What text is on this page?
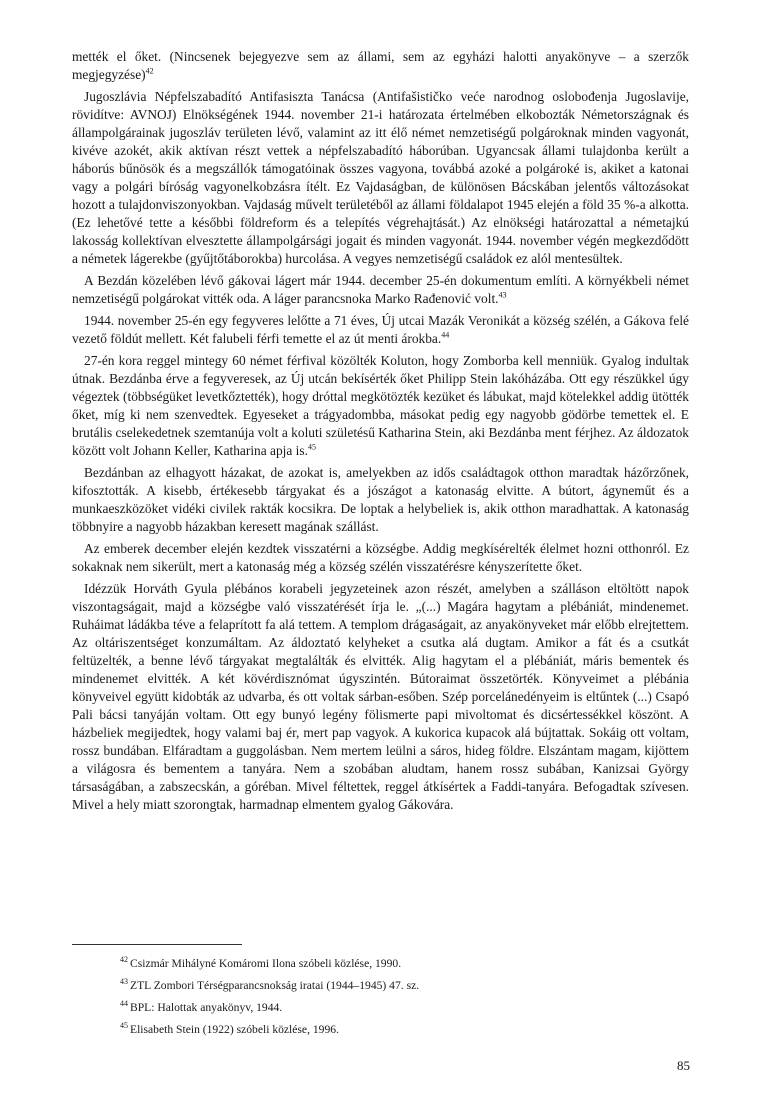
mették el őket. (Nincsenek bejegyezve sem az állami, sem az egyházi halotti anyakönyve – a szerzők megjegyzése)$^{42}$

Jugoszlávia Népfelszabadító Antifasiszta Tanácsa (Antifašističko veće narodnog oslobođenja Jugoslavije, rövidítve: AVNOJ) Elnökségének 1944. november 21-i határozata értelmében elkobozták Németországnak és állampolgárainak jugoszláv területen lévő, valamint az itt élő német nemzetiségű polgároknak minden vagyonát, kivéve azokét, akik aktívan részt vettek a népfelszabadító háborúban. Ugyancsak állami tulajdonba került a háborús bűnösök és a megszállók támogatóinak összes vagyona, továbbá azoké a polgároké is, akiket a katonai vagy a polgári bíróság vagyonelkobzásra ítélt. Ez Vajdaságban, de különösen Bácskában jelentős változásokat hozott a tulajdonviszonyokban. Vajdaság művelt területéből az állami földalapot 1945 elején a föld 35 %-a alkotta. (Ez lehetővé tette a későbbi földreform és a telepítés végrehajtását.) Az elnökségi határozattal a németajkú lakosság kollektívan elvesztette állampolgársági jogait és minden vagyonát. 1944. november végén megkezdődött a németek lágerekbe (gyűjtőtáborokba) hurcolása. A vegyes nemzetiségű családok ez alól mentesültek.

A Bezdán közelében lévő gákovai lágert már 1944. december 25-én dokumentum említi. A környékbeli német nemzetiségű polgárokat vitték oda. A láger parancsnoka Marko Rađenović volt.$^{43}$

1944. november 25-én egy fegyveres lelőtte a 71 éves, Új utcai Mazák Veronikát a község szélén, a Gákova felé vezető földút mellett. Két falubeli férfi temette el az út menti árokba.$^{44}$

27-én kora reggel mintegy 60 német férfival közölték Koluton, hogy Zomborba kell menniük. Gyalog indultak útnak. Bezdánba érve a fegyveresek, az Új utcán bekísérték őket Philipp Stein lakóházába. Ott egy részükkel úgy végeztek (többségüket levetkőztették), hogy dróttal megkötözték kezüket és lábukat, majd kötelekkel addig ütötték őket, míg ki nem szenvedtek. Egyeseket a trágyadombba, másokat pedig egy nagyobb gödörbe temettek el. E brutális cselekedetnek szemtanúja volt a koluti születésű Katharina Stein, aki Bezdánba ment férjhez. Az áldozatok között volt Johann Keller, Katharina apja is.$^{45}$

Bezdánban az elhagyott házakat, de azokat is, amelyekben az idős családtagok otthon maradtak házőrzőnek, kifosztották. A kisebb, értékesebb tárgyakat és a jószágot a katonaság elvitte. A bútort, ágyneműt és a munkaeszközöket vidéki civilek rakták kocsikra. De loptak a helybeliek is, akik otthon maradhattak. A katonaság többnyire a nagyobb házakban keresett magának szállást.

Az emberek december elején kezdtek visszatérni a községbe. Addig megkísérelték élelmet hozni otthonról. Ez sokaknak nem sikerült, mert a katonaság még a község szélén visszatérésre kényszerítette őket.

Idézzük Horváth Gyula plébános korabeli jegyzeteinek azon részét, amelyben a szálláson eltöltött napok viszontagságait, majd a községbe való visszatérését írja le. „(...) Magára hagytam a plébániát, mindenemet. Ruháimat ládákba téve a felaprított fa alá tettem. A templom drágaságait, az anyakönyveket már előbb elrejtettem. Az oltáriszentséget konzumáltam. Az áldoztató kelyheket a csutka alá dugtam. Amikor a fát és a csutkát feltüzelték, a benne lévő tárgyakat megtalálták és elvitték. Alig hagytam el a plébániát, máris bementek és mindenemet elvitték. A két kövérdisznómat úgyszintén. Bútoraimat összetörték. Könyveimet a plébánia könyveivel együtt kidobták az udvarba, és ott voltak sárban-esőben. Szép porcelánedényeim is eltűntek (...) Csapó Pali bácsi tanyáján voltam. Ott egy bunyó legény fölismerte papi mivoltomat és dicsértessékkel köszönt. A házbeliek megijedtek, hogy valami baj ér, mert pap vagyok. A kukorica kupacok alá bújtattak. Sokáig ott voltam, rossz bundában. Elfáradtam a guggolásban. Nem mertem leülni a sáros, hideg földre. Elszántam magam, kijöttem a világosra és bementem a tanyára. Nem a szobában aludtam, hanem rossz subában, Kanizsai György társaságában, a zabszecskán, a góréban. Mivel féltettek, reggel átkísértek a Faddi-tanyára. Befogadtak szívesen. Mivel a hely miatt szorongtak, harmadnap elmentem gyalog Gákovára.

$^{42}$ Csizmár Mihályné Komáromi Ilona szóbeli közlése, 1990.
$^{43}$ ZTL Zombori Térségparancsnokság iratai (1944–1945) 47. sz.
$^{44}$ BPL: Halottak anyakönyv, 1944.
$^{45}$ Elisabeth Stein (1922) szóbeli közlése, 1996.
85
